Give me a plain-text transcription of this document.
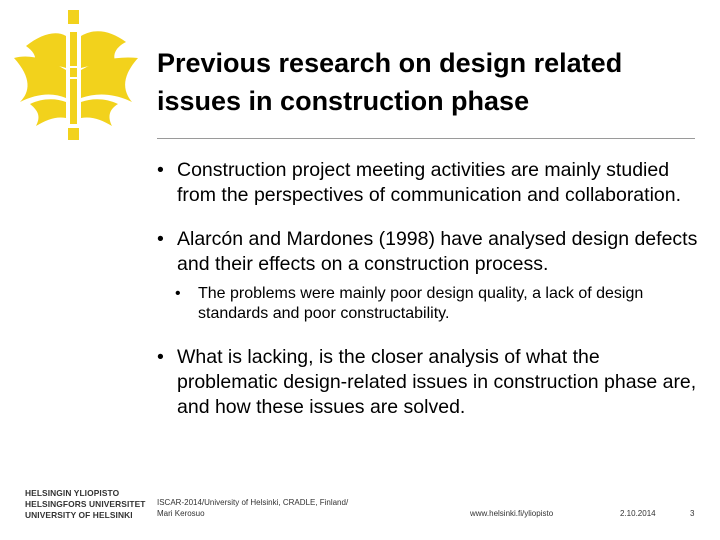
Previous research on design related issues in construction phase
• Construction project meeting activities are mainly studied from the perspectives of communication and collaboration.
• Alarcón and Mardones (1998) have analysed design defects and their effects on a construction process.
• The problems were mainly poor design quality, a lack of design standards and poor constructability.
• What is lacking, is the closer analysis of what the problematic design-related issues in construction phase are, and how these issues are solved.
HELSINGIN YLIOPISTO
HELSINGFORS UNIVERSITET
UNIVERSITY OF HELSINKI
ISCAR-2014/University of Helsinki, CRADLE, Finland/ Mari Kerosuo	www.helsinki.fi/yliopisto	2.10.2014	3
